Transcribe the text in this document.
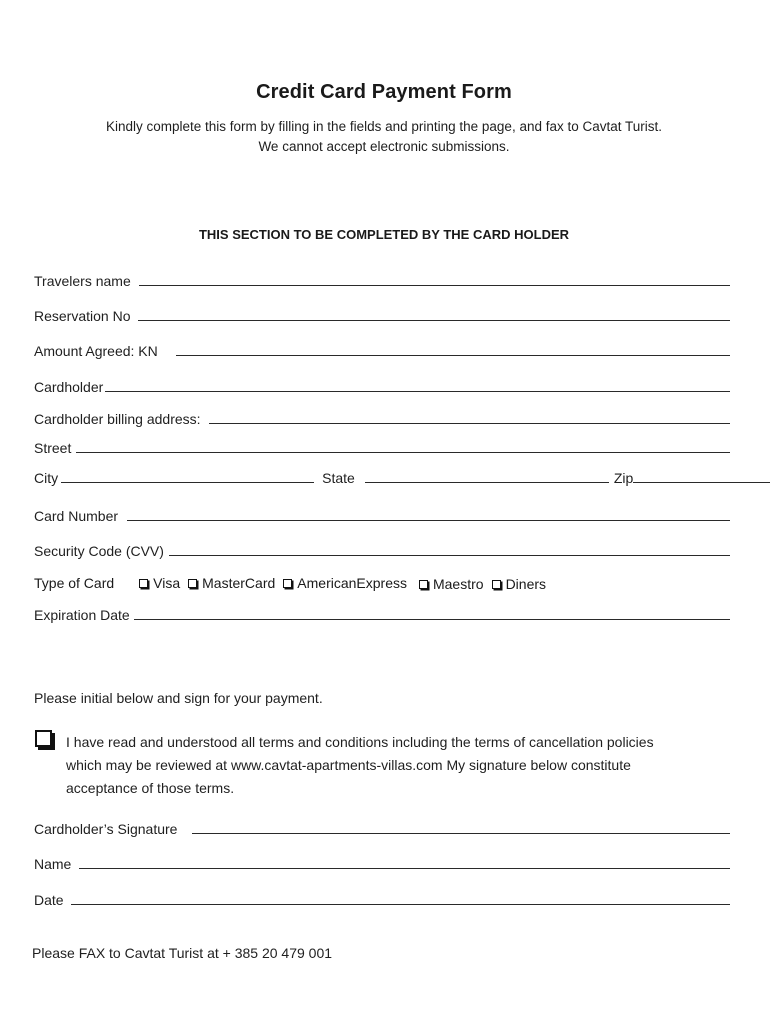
Credit Card Payment Form
Kindly complete this form by filling in the fields and printing the page, and fax to Cavtat Turist.
We cannot accept electronic submissions.
THIS SECTION TO BE COMPLETED BY THE CARD HOLDER
Travelers name
Reservation No
Amount Agreed: KN
Cardholder
Cardholder billing address:
Street
City	State	Zip
Card Number
Security Code (CVV)
Type of Card	Visa MasterCard AmericanExpress Maestro Diners
Expiration Date
Please initial below and sign for your payment.
I have read and understood all terms and conditions including the terms of cancellation policies
which may be reviewed at www.cavtat-apartments-villas.com My signature below constitute
acceptance of those terms.
Cardholder’s Signature
Name
Date
Please FAX to Cavtat Turist at + 385 20 479 001
